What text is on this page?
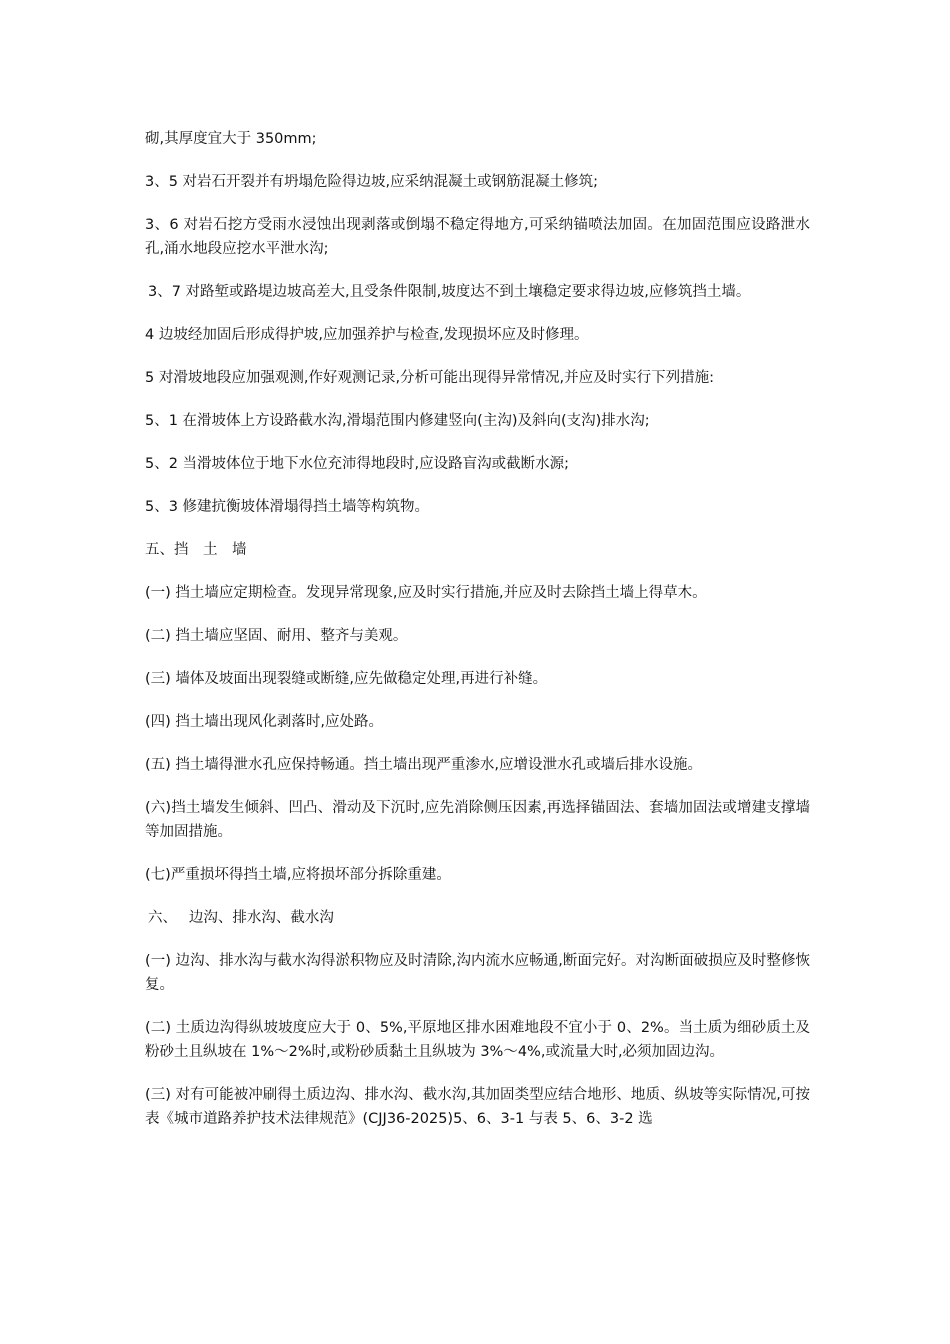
砌,其厚度宜大于 350mm;

3、5 对岩石开裂并有坍塌危险得边坡,应采纳混凝土或钢筋混凝土修筑;

3、6 对岩石挖方受雨水浸蚀出现剥落或倒塌不稳定得地方,可采纳锚喷法加固。在加固范围应设路泄水孔,涌水地段应挖水平泄水沟;

3、7 对路堑或路堤边坡高差大,且受条件限制,坡度达不到土壤稳定要求得边坡,应修筑挡土墙。

4 边坡经加固后形成得护坡,应加强养护与检查,发现损坏应及时修理。

5 对滑坡地段应加强观测,作好观测记录,分析可能出现得异常情况,并应及时实行下列措施:

5、1 在滑坡体上方设路截水沟,滑塌范围内修建竖向(主沟)及斜向(支沟)排水沟;

5、2 当滑坡体位于地下水位充沛得地段时,应设路盲沟或截断水源;

5、3 修建抗衡坡体滑塌得挡土墙等构筑物。

五、挡　土　墙

(一) 挡土墙应定期检查。发现异常现象,应及时实行措施,并应及时去除挡土墙上得草木。

(二) 挡土墙应坚固、耐用、整齐与美观。

(三) 墙体及坡面出现裂缝或断缝,应先做稳定处理,再进行补缝。

(四) 挡土墙出现风化剥落时,应处路。

(五) 挡土墙得泄水孔应保持畅通。挡土墙出现严重渗水,应增设泄水孔或墙后排水设施。

(六)挡土墙发生倾斜、凹凸、滑动及下沉时,应先消除侧压因素,再选择锚固法、套墙加固法或增建支撑墙等加固措施。

(七)严重损坏得挡土墙,应将损坏部分拆除重建。

六、　 边沟、排水沟、截水沟

(一) 边沟、排水沟与截水沟得淤积物应及时清除,沟内流水应畅通,断面完好。对沟断面破损应及时整修恢复。

(二) 土质边沟得纵坡坡度应大于 0、5%,平原地区排水困难地段不宜小于 0、2%。当土质为细砂质土及粉砂土且纵坡在 1%～2%时,或粉砂质黏土且纵坡为 3%～4%,或流量大时,必须加固边沟。

(三) 对有可能被冲刷得土质边沟、排水沟、截水沟,其加固类型应结合地形、地质、纵坡等实际情况,可按表《城市道路养护技术法律规范》(CJJ36-2025)5、6、3-1 与表 5、6、3-2 选
